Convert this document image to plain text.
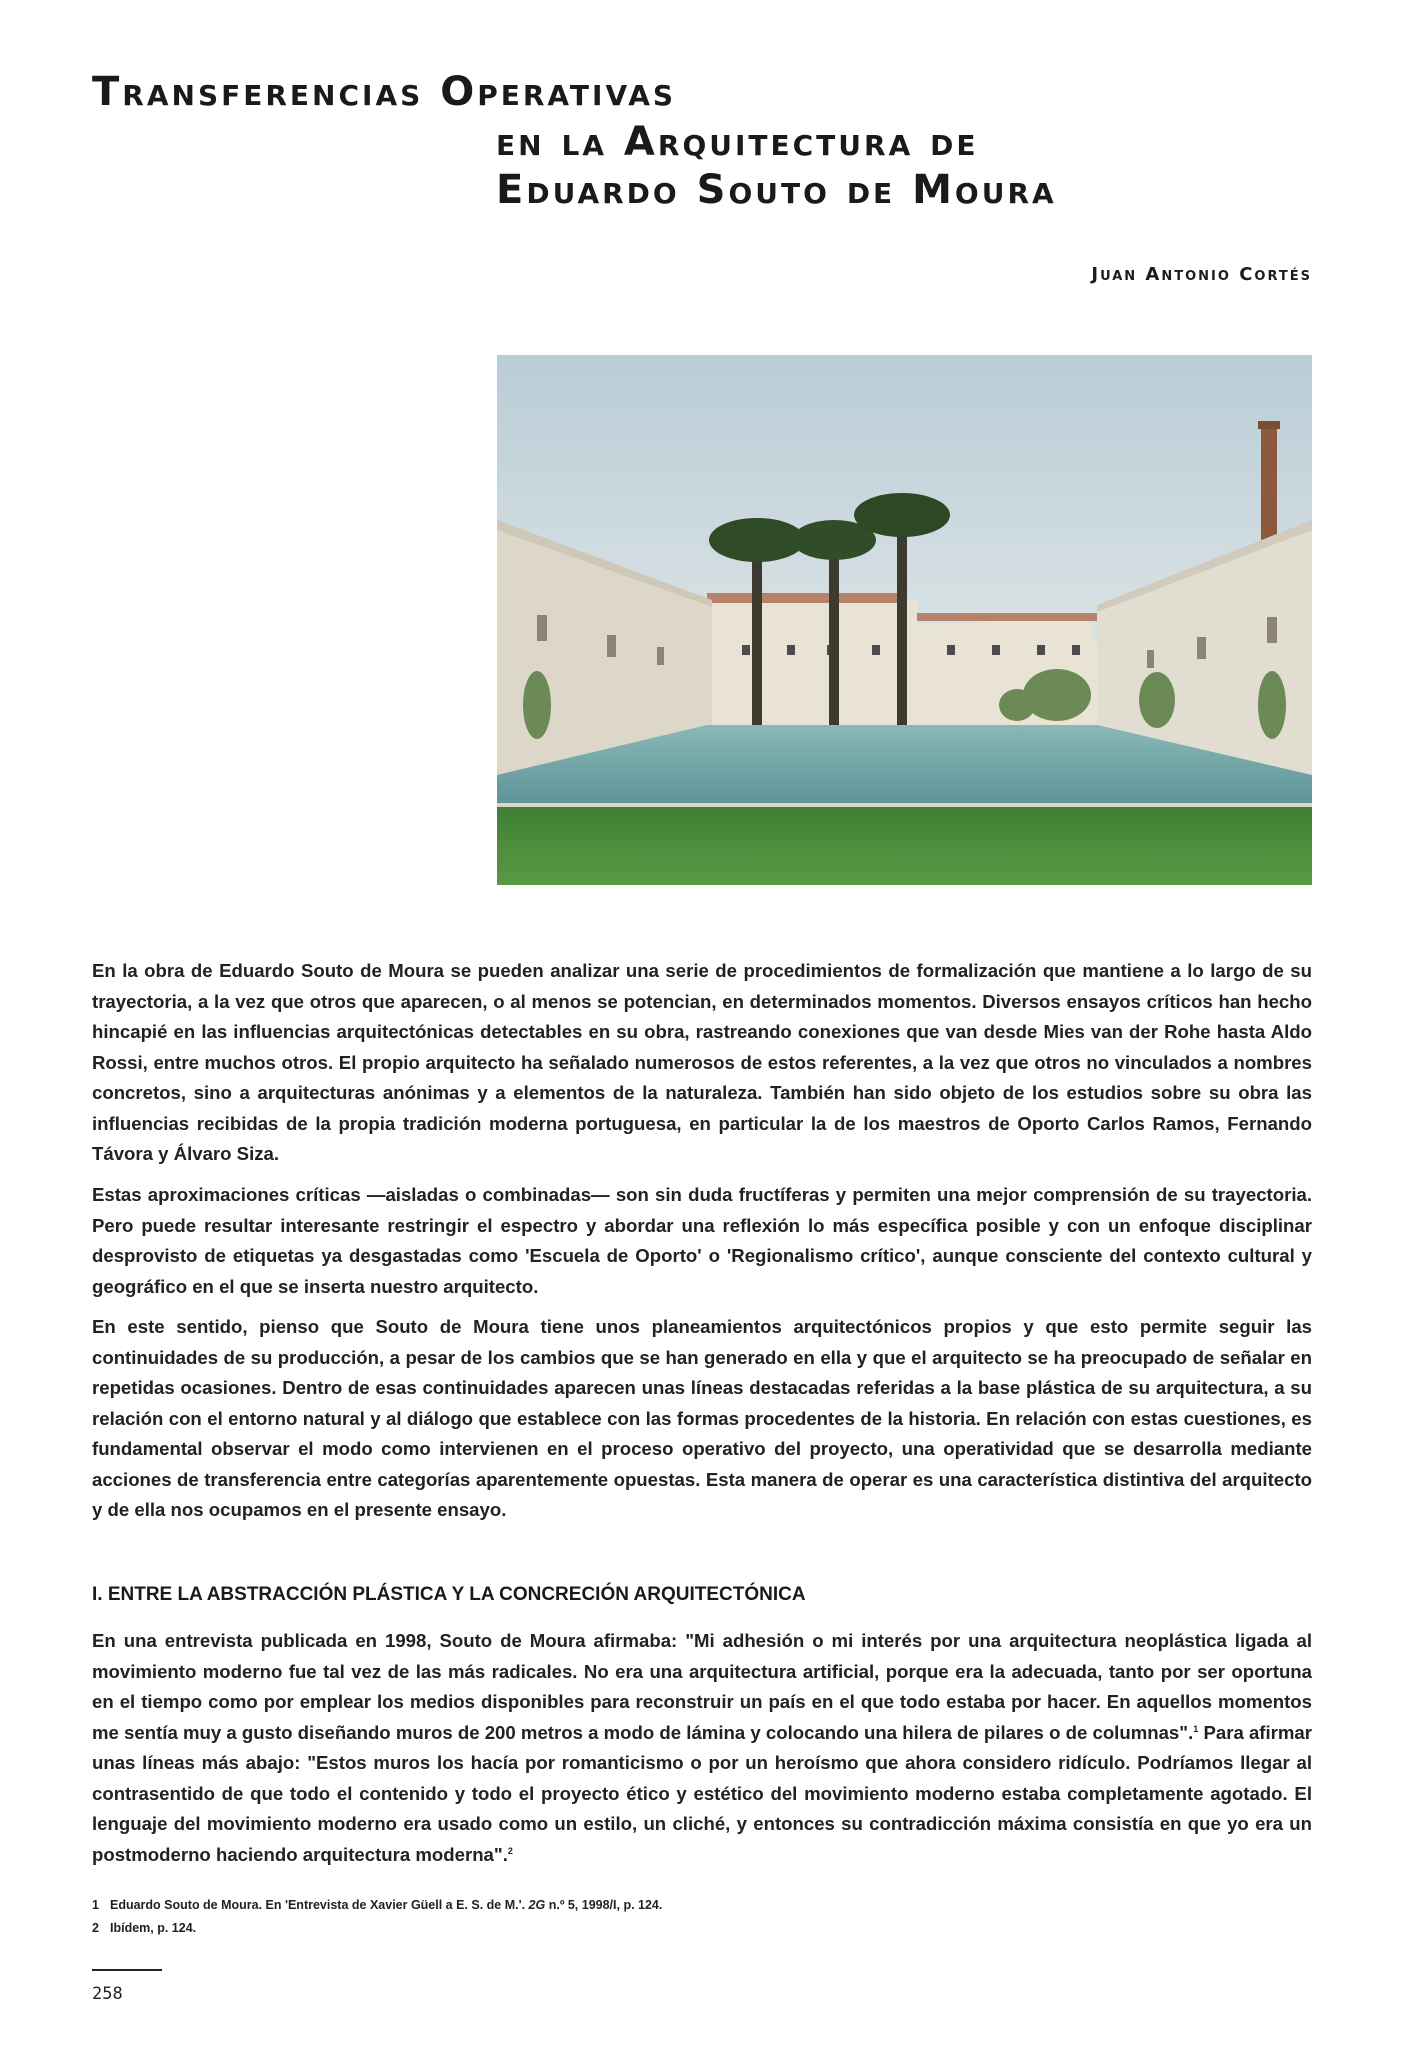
Transferencias Operativas
en la Arquitectura de
Eduardo Souto de Moura
Juan Antonio Cortés

En la obra de Eduardo Souto de Moura se pueden analizar una serie de procedimientos de formalización que mantiene a lo largo de su trayectoria, a la vez que otros que aparecen, o al menos se potencian, en determinados momentos. Diversos ensayos críticos han hecho hincapié en las influencias arquitectónicas detectables en su obra, rastreando conexiones que van desde Mies van der Rohe hasta Aldo Rossi, entre muchos otros. El propio arquitecto ha señalado numerosos de estos referentes, a la vez que otros no vinculados a nombres concretos, sino a arquitecturas anónimas y a elementos de la naturaleza. También han sido objeto de los estudios sobre su obra las influencias recibidas de la propia tradición moderna portuguesa, en particular la de los maestros de Oporto Carlos Ramos, Fernando Távora y Álvaro Siza.

Estas aproximaciones críticas —aisladas o combinadas— son sin duda fructíferas y permiten una mejor comprensión de su trayectoria. Pero puede resultar interesante restringir el espectro y abordar una reflexión lo más específica posible y con un enfoque disciplinar desprovisto de etiquetas ya desgastadas como 'Escuela de Oporto' o 'Regionalismo crítico', aunque consciente del contexto cultural y geográfico en el que se inserta nuestro arquitecto.

En este sentido, pienso que Souto de Moura tiene unos planeamientos arquitectónicos propios y que esto permite seguir las continuidades de su producción, a pesar de los cambios que se han generado en ella y que el arquitecto se ha preocupado de señalar en repetidas ocasiones. Dentro de esas continuidades aparecen unas líneas destacadas referidas a la base plástica de su arquitectura, a su relación con el entorno natural y al diálogo que establece con las formas procedentes de la historia. En relación con estas cuestiones, es fundamental observar el modo como intervienen en el proceso operativo del proyecto, una operatividad que se desarrolla mediante acciones de transferencia entre categorías aparentemente opuestas. Esta manera de operar es una característica distintiva del arquitecto y de ella nos ocupamos en el presente ensayo.

I. ENTRE LA ABSTRACCIÓN PLÁSTICA Y LA CONCRECIÓN ARQUITECTÓNICA

En una entrevista publicada en 1998, Souto de Moura afirmaba: "Mi adhesión o mi interés por una arquitectura neoplástica ligada al movimiento moderno fue tal vez de las más radicales. No era una arquitectura artificial, porque era la adecuada, tanto por ser oportuna en el tiempo como por emplear los medios disponibles para reconstruir un país en el que todo estaba por hacer. En aquellos momentos me sentía muy a gusto diseñando muros de 200 metros a modo de lámina y colocando una hilera de pilares o de columnas".$^1$ Para afirmar unas líneas más abajo: "Estos muros los hacía por romanticismo o por un heroísmo que ahora considero ridículo. Podríamos llegar al contrasentido de que todo el contenido y todo el proyecto ético y estético del movimiento moderno estaba completamente agotado. El lenguaje del movimiento moderno era usado como un estilo, un cliché, y entonces su contradicción máxima consistía en que yo era un postmoderno haciendo arquitectura moderna".$^2$

1 Eduardo Souto de Moura. En 'Entrevista de Xavier Güell a E. S. de M.'. 2G n.º 5, 1998/I, p. 124.

2 Ibídem, p. 124.

258
